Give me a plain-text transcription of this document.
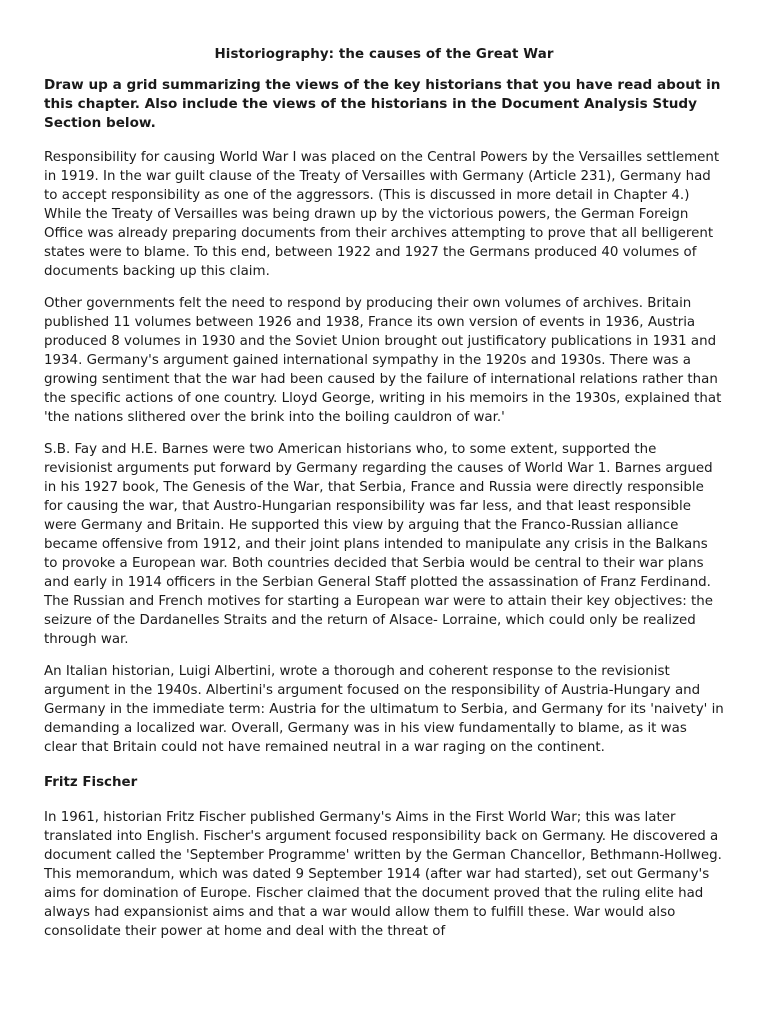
Historiography: the causes of the Great War
Draw up a grid summarizing the views of the key historians that you have read about in this chapter. Also include the views of the historians in the Document Analysis Study Section below.

Responsibility for causing World War I was placed on the Central Powers by the Versailles settlement in 1919. In the war guilt clause of the Treaty of Versailles with Germany (Article 231), Germany had to accept responsibility as one of the aggressors. (This is discussed in more detail in Chapter 4.) While the Treaty of Versailles was being drawn up by the victorious powers, the German Foreign Office was already preparing documents from their archives attempting to prove that all belligerent states were to blame. To this end, between 1922 and 1927 the Germans produced 40 volumes of documents backing up this claim.

Other governments felt the need to respond by producing their own volumes of archives. Britain published 11 volumes between 1926 and 1938, France its own version of events in 1936, Austria produced 8 volumes in 1930 and the Soviet Union brought out justificatory publications in 1931 and 1934. Germany's argument gained international sympathy in the 1920s and 1930s. There was a growing sentiment that the war had been caused by the failure of international relations rather than the specific actions of one country. Lloyd George, writing in his memoirs in the 1930s, explained that 'the nations slithered over the brink into the boiling cauldron of war.'

S.B. Fay and H.E. Barnes were two American historians who, to some extent, supported the revisionist arguments put forward by Germany regarding the causes of World War 1. Barnes argued in his 1927 book, The Genesis of the War, that Serbia, France and Russia were directly responsible for causing the war, that Austro-Hungarian responsibility was far less, and that least responsible were Germany and Britain. He supported this view by arguing that the Franco-Russian alliance became offensive from 1912, and their joint plans intended to manipulate any crisis in the Balkans to provoke a European war. Both countries decided that Serbia would be central to their war plans and early in 1914 officers in the Serbian General Staff plotted the assassination of Franz Ferdinand. The Russian and French motives for starting a European war were to attain their key objectives: the seizure of the Dardanelles Straits and the return of Alsace- Lorraine, which could only be realized through war.

An Italian historian, Luigi Albertini, wrote a thorough and coherent response to the revisionist argument in the 1940s. Albertini's argument focused on the responsibility of Austria-Hungary and Germany in the immediate term: Austria for the ultimatum to Serbia, and Germany for its 'naivety' in demanding a localized war. Overall, Germany was in his view fundamentally to blame, as it was clear that Britain could not have remained neutral in a war raging on the continent.

Fritz Fischer

In 1961, historian Fritz Fischer published Germany's Aims in the First World War; this was later translated into English. Fischer's argument focused responsibility back on Germany. He discovered a document called the 'September Programme' written by the German Chancellor, Bethmann-Hollweg. This memorandum, which was dated 9 September 1914 (after war had started), set out Germany's aims for domination of Europe. Fischer claimed that the document proved that the ruling elite had always had expansionist aims and that a war would allow them to fulfill these. War would also consolidate their power at home and deal with the threat of
